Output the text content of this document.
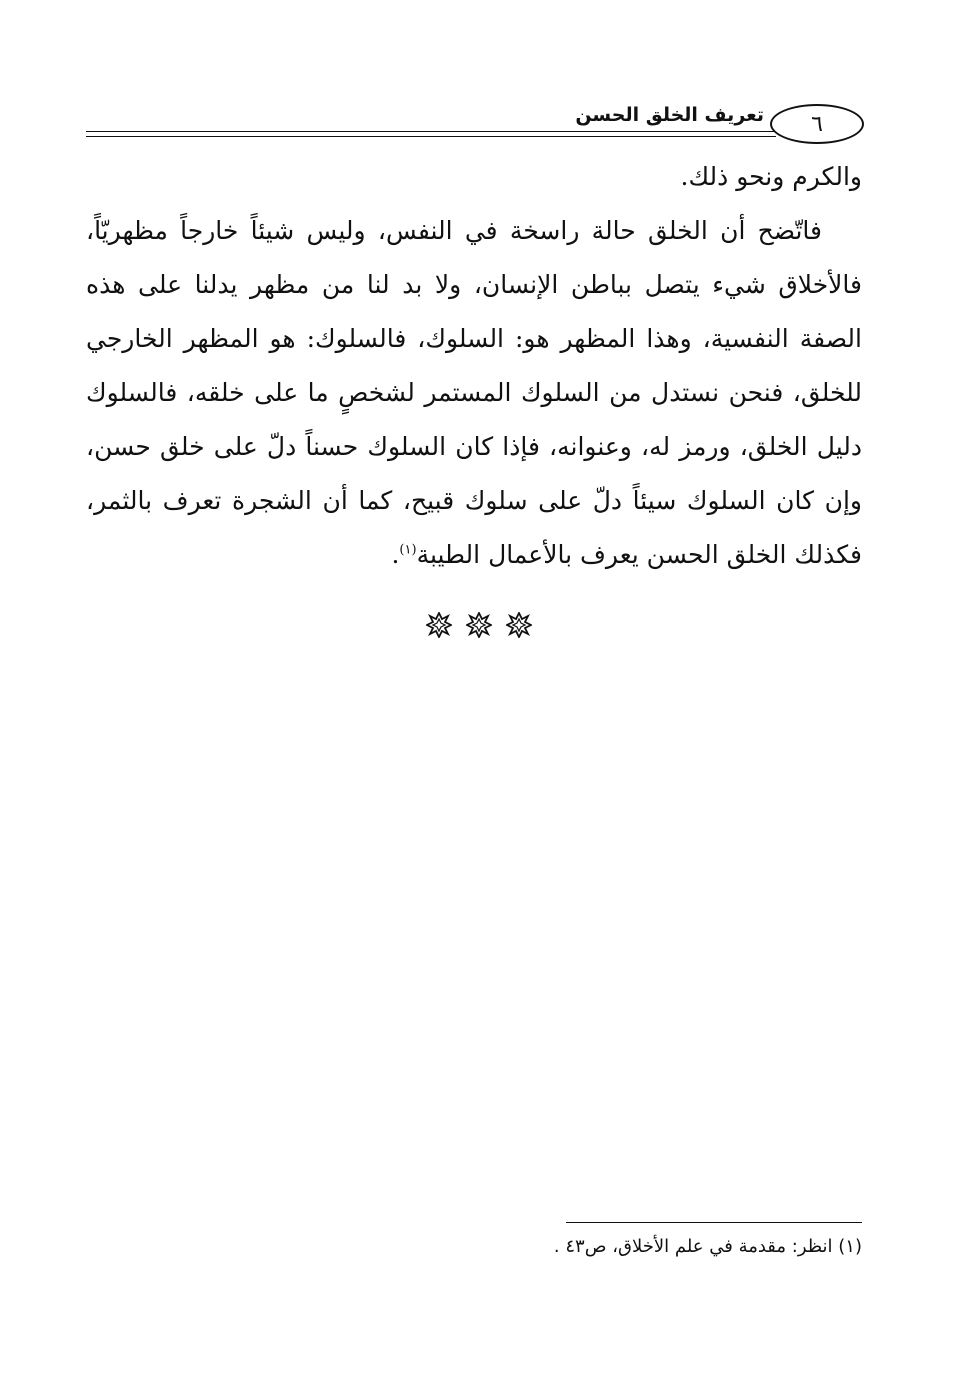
تعريف الخلق الحسن	٦

والكرم ونحو ذلك.

فاتّضح أن الخلق حالة راسخة في النفس، وليس شيئاً خارجاً مظهريّاً، فالأخلاق شيء يتصل بباطن الإنسان، ولا بد لنا من مظهر يدلنا على هذه الصفة النفسية، وهذا المظهر هو: السلوك، فالسلوك: هو المظهر الخارجي للخلق، فنحن نستدل من السلوك المستمر لشخصٍ ما على خلقه، فالسلوك دليل الخلق، ورمز له، وعنوانه، فإذا كان السلوك حسناً دلّ على خلق حسن، وإن كان السلوك سيئاً دلّ على سلوك قبيح، كما أن الشجرة تعرف بالثمر، فكذلك الخلق الحسن يعرف بالأعمال الطيبة$^{(١)}$.

(١) انظر: مقدمة في علم الأخلاق، ص٤٣ .
